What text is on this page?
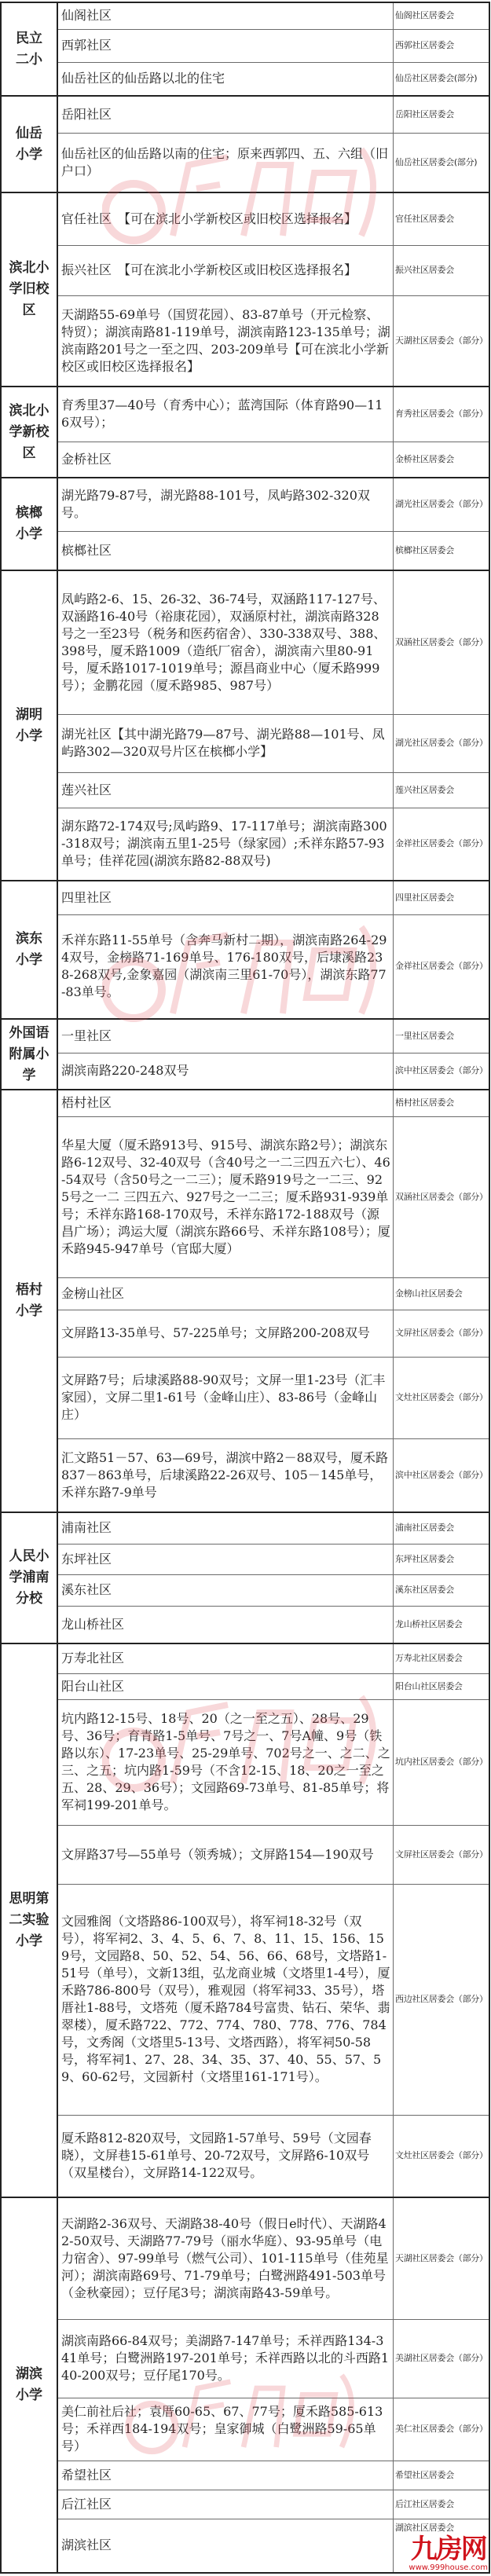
民立二小	仙阁社区	仙阁社区居委会
	西郭社区	西郭社区居委会
	仙岳社区的仙岳路以北的住宅	仙岳社区居委会(部分)
仙岳小学	岳阳社区	岳阳社区居委会
	仙岳社区的仙岳路以南的住宅；原来西郭四、五、六组（旧户口）	仙岳社区居委会(部分)
滨北小学旧校区	官任社区　【可在滨北小学新校区或旧校区选择报名】	官任社区居委会
	振兴社区　【可在滨北小学新校区或旧校区选择报名】	振兴社区居委会
	天湖路55-69单号（国贸花园）、83-87单号（开元检察、特贸）；湖滨南路81-119单号，湖滨南路123-135单号；湖滨南路201号之一至之四、203-209单号【可在滨北小学新校区或旧校区选择报名】	天湖社区居委会（部分）
滨北小学新校区	育秀里37—40号（育秀中心）；蓝湾国际（体育路90—116双号）；	育秀社区居委会（部分）
	金桥社区	金桥社区居委会
槟榔小学	湖光路79-87号，湖光路88-101号，凤屿路302-320双号。	湖光社区居委会（部分）
	槟榔社区	槟榔社区居委会
湖明小学	凤屿路2-6、15、26-32、36-74号，双涵路117-127号、双涵路16-40号（裕康花园），双涵原村社，湖滨南路328号之一至23号（税务和医药宿舍）、330-338双号、388、398号，厦禾路1009（造纸厂宿舍），湖滨南六里80-91号，厦禾路1017-1019单号；源昌商业中心（厦禾路999号）；金鹏花园（厦禾路985、987号）	双涵社区居委会（部分）
	湖光社区【其中湖光路79—87号、湖光路88—101号、凤屿路302—320双号片区在槟榔小学】	湖光社区居委会（部分）
	莲兴社区	莲兴社区居委会
	湖东路72-174双号;凤屿路9、17-117单号；湖滨南路300-318双号；湖滨南五里1-25号（绿家园）;禾祥东路57-93单号；佳祥花园(湖滨东路82-88双号)	金祥社区居委会（部分）
滨东小学	四里社区	四里社区居委会
	禾祥东路11-55单号（含奔马新村二期），湖滨南路264-294双号，金榜路71-169单号、176-180双号，后埭溪路238-268双号,金象嘉园（湖滨南三里61-70号），湖滨东路77-83单号。	金祥社区居委会（部分）
外国语附属小学	一里社区	一里社区居委会
	湖滨南路220-248双号	滨中社区居委会（部分）
梧村小学	梧村社区	梧村社区居委会
	华星大厦（厦禾路913号、915号、湖滨东路2号）；湖滨东路6-12双号、32-40双号（含40号之一二三四五六七）、46-54双号（含50号之一二三）；厦禾路919号之一二三、925号之一二 三四五六、927号之一二三；厦禾路931-939单号；禾祥东路168-170双号，禾祥东路172-188双号（源昌广场）；鸿运大厦（湖滨东路66号、禾祥东路108号）；厦禾路945-947单号（官邸大厦）	双涵社区居委会（部分）
	金榜山社区	金榜山社区居委会
	文屏路13-35单号、57-225单号；文屏路200-208双号	文屏社区居委会（部分）
	文屏路7号；后埭溪路88-90双号；文屏一里1-23号（汇丰家园），文屏二里1-61号（金峰山庄）、83-86号（金峰山庄）	文灶社区居委会（部分）
	汇文路51－57、63—69号，湖滨中路2－88双号，厦禾路837－863单号，后埭溪路22-26双号、105－145单号，禾祥东路7-9单号	滨中社区居委会（部分）
人民小学浦南分校	浦南社区	浦南社区居委会
	东坪社区	东坪社区居委会
	溪东社区	溪东社区居委会
	龙山桥社区	龙山桥社区居委会
思明第二实验小学	万寿北社区	万寿北社区居委会
	阳台山社区	阳台山社区居委会
	坑内路12-15号、18号、20（之一至之五）、28号、29号、36号；育青路1-5单号、7号之一、7号A幢、9号（铁路以东）、17-23单号、25-29单号、702号之一、之二、之三、之五；坑内路1-59号（不含12-15、18、20之一至之五、28、29、36号）；文园路69-73单号、81-85单号；将军祠199-201单号。	坑内社区居委会（部分）
	文屏路37号—55单号（领秀城）；文屏路154—190双号	文屏社区居委会（部分）
	文园雅阁（文塔路86-100双号），将军祠18-32号（双号），将军祠2、3、4、5、6、7、8、11、15、156、159号，文园路8、50、52、54、56、66、68号，文塔路1-51号（单号），文新13组，弘龙商业城（文塔里1-4号），厦禾路786-800号（双号），雅观园（将军祠33、35号），塔厝社1-88号，文塔苑（厦禾路784号富贵、钻石、荣华、翡翠楼），厦禾路722、772、774、780、778、776、784号，文秀阁（文塔里5-13号、文塔西路），将军祠50-58号，将军祠1、27、28、34、35、37、40、55、57、59、60-62号，文园新村（文塔里161-171号）。	西边社区居委会（部分）
	厦禾路812-820双号，文园路1-57单号、59号（文园春晓），文屏巷15-61单号、20-72双号，文屏路6-10双号（双星楼台），文屏路14-122双号。	文灶社区居委会（部分）
湖滨小学	天湖路2-36双号、天湖路38-40号（假日e时代）、天湖路42-50双号、天湖路77-79号（丽水华庭）、93-95单号（电力宿舍）、97-99单号（燃气公司）、101-115单号（佳苑星河）；湖滨南路69号、71-79单号；白鹭洲路491-503单号（金秋豪园）；豆仔尾3号；湖滨南路43-59单号。	天湖社区居委会（部分）
	湖滨南路66-84双号；美湖路7-147单号；禾祥西路134-341单号；白鹭洲路197-201单号；禾祥西路以北的斗西路140-200双号；豆仔尾170号。	美湖社区居委会（部分）
	美仁前社后社；袁厝60-65、67、77号；厦禾路585-613号；禾祥西184-194双号；皇家御城（白鹭洲路59-65单号）	美仁社区居委会（部分）
	希望社区	希望社区居委会
	后江社区	后江社区居委会
	湖滨社区	湖滨社区居委会
九房网
www.999house.com
